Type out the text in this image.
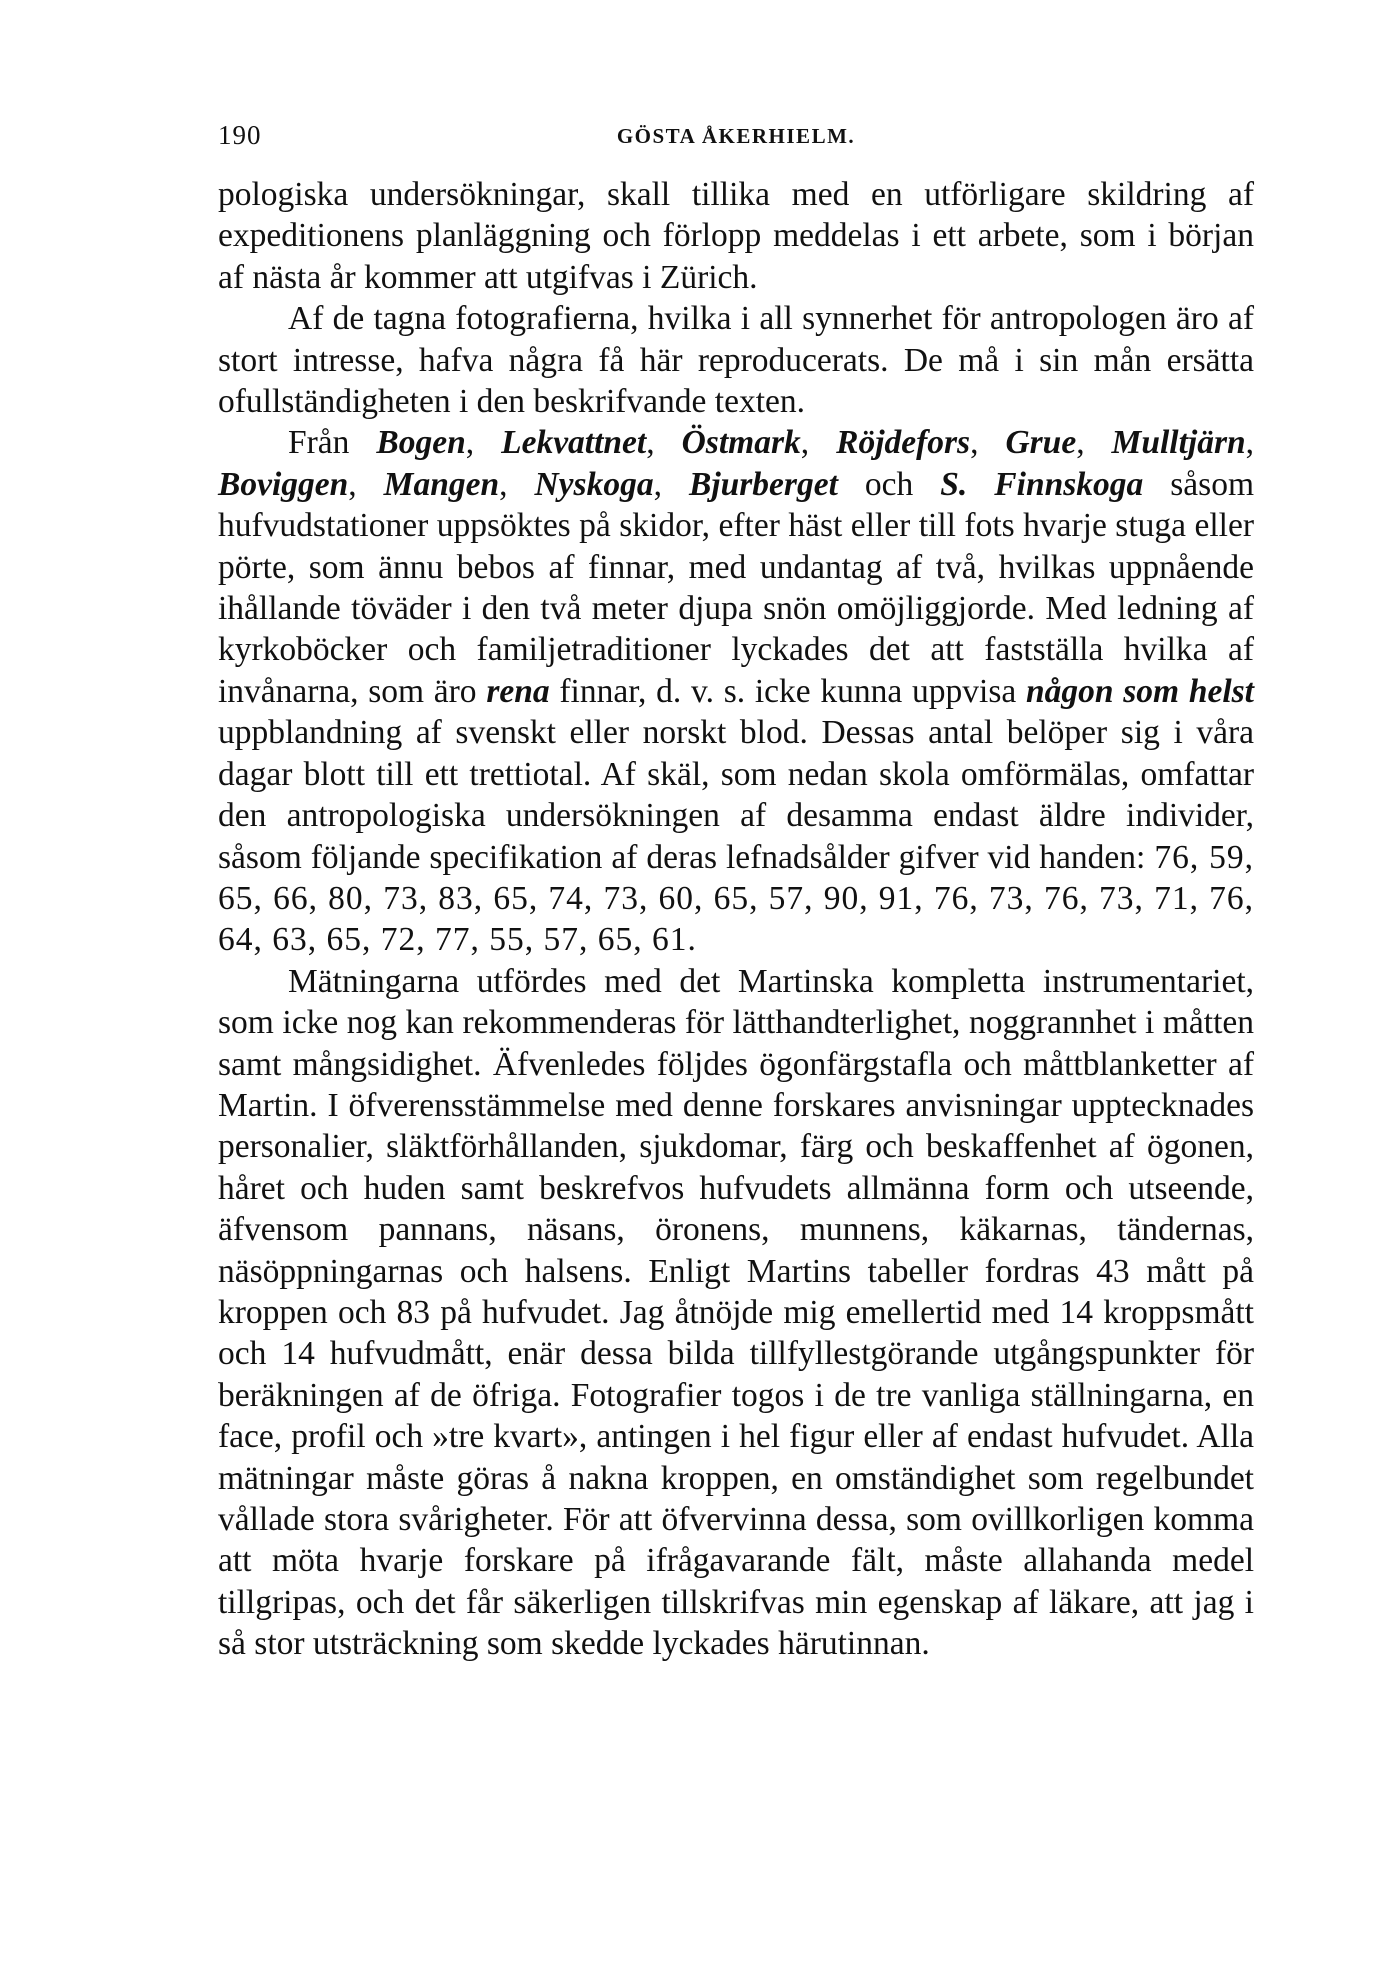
190	GÖSTA ÅKERHIELM.

pologiska undersökningar, skall tillika med en utförligare skildring af expeditionens planläggning och förlopp meddelas i ett arbete, som i början af nästa år kommer att utgifvas i Zürich.

Af de tagna fotografierna, hvilka i all synnerhet för antropologen äro af stort intresse, hafva några få här reproducerats. De må i sin mån ersätta ofullständigheten i den beskrifvande texten.

Från Bogen, Lekvattnet, Östmark, Röjdefors, Grue, Mulltjärn, Boviggen, Mangen, Nyskoga, Bjurberget och S. Finnskoga såsom hufvudstationer uppsöktes på skidor, efter häst eller till fots hvarje stuga eller pörte, som ännu bebos af finnar, med undantag af två, hvilkas uppnående ihållande töväder i den två meter djupa snön omöjliggjorde. Med ledning af kyrkoböcker och familjetraditioner lyckades det att fastställa hvilka af invånarna, som äro rena finnar, d. v. s. icke kunna uppvisa någon som helst uppblandning af svenskt eller norskt blod. Dessas antal belöper sig i våra dagar blott till ett trettiotal. Af skäl, som nedan skola omförmälas, omfattar den antropologiska undersökningen af desamma endast äldre individer, såsom följande specifikation af deras lefnadsålder gifver vid handen: 76, 59, 65, 66, 80, 73, 83, 65, 74, 73, 60, 65, 57, 90, 91, 76, 73, 76, 73, 71, 76, 64, 63, 65, 72, 77, 55, 57, 65, 61.

Mätningarna utfördes med det Martinska kompletta instrumentariet, som icke nog kan rekommenderas för lätthandterlighet, noggrannhet i måtten samt mångsidighet. Äfvenledes följdes ögonfärgstafla och måttblanketter af Martin. I öfverensstämmelse med denne forskares anvisningar upptecknades personalier, släktförhållanden, sjukdomar, färg och beskaffenhet af ögonen, håret och huden samt beskrefvos hufvudets allmänna form och utseende, äfvensom pannans, näsans, öronens, munnens, käkarnas, tändernas, näsöppningarnas och halsens. Enligt Martins tabeller fordras 43 mått på kroppen och 83 på hufvudet. Jag åtnöjde mig emellertid med 14 kroppsmått och 14 hufvudmått, enär dessa bilda tillfyllestgörande utgångspunkter för beräkningen af de öfriga. Fotografier togos i de tre vanliga ställningarna, en face, profil och »tre kvart», antingen i hel figur eller af endast hufvudet. Alla mätningar måste göras å nakna kroppen, en omständighet som regelbundet vållade stora svårigheter. För att öfvervinna dessa, som ovillkorligen komma att möta hvarje forskare på ifrågavarande fält, måste allahanda medel tillgripas, och det får säkerligen tillskrifvas min egenskap af läkare, att jag i så stor utsträckning som skedde lyckades härutinnan.
